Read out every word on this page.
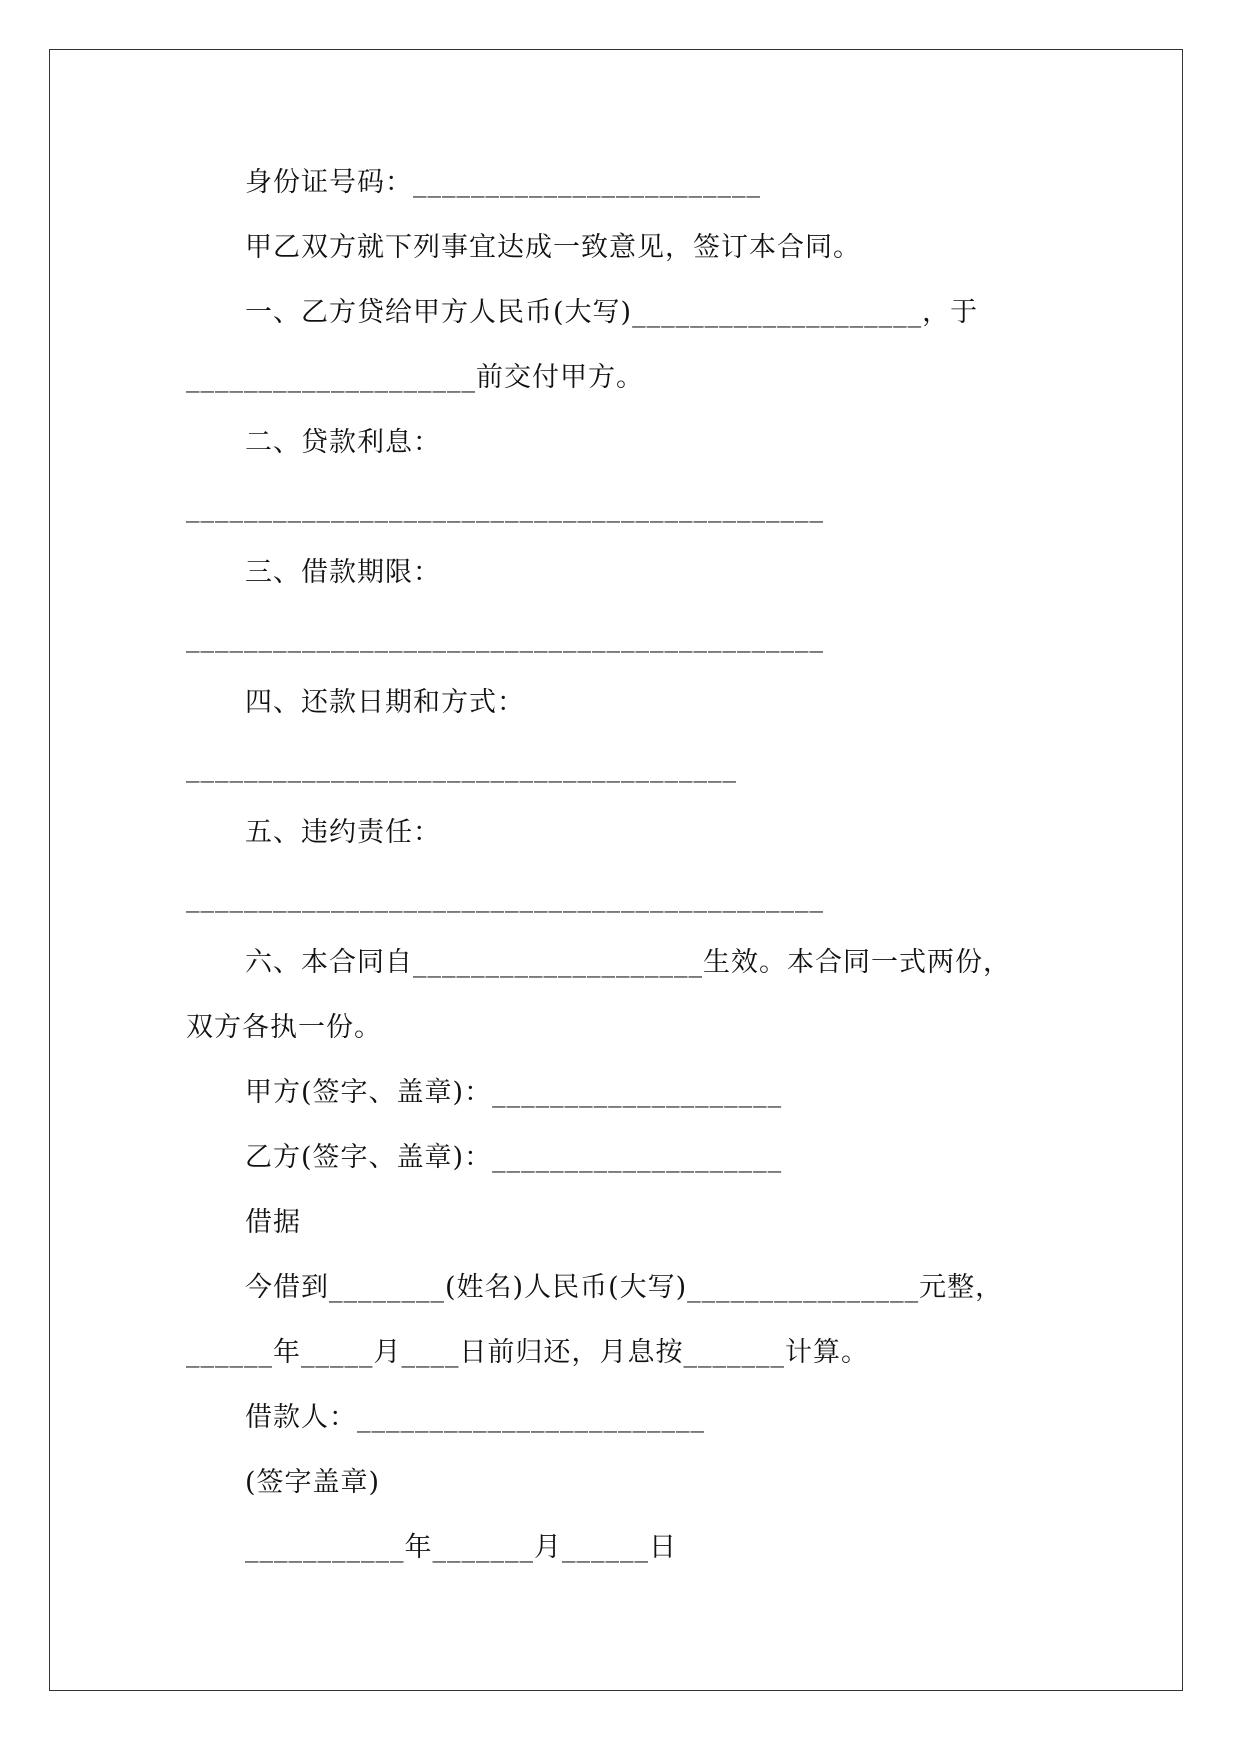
身份证号码：________________________

甲乙双方就下列事宜达成一致意见，签订本合同。

一、乙方贷给甲方人民币(大写)____________________，于

____________________前交付甲方。

二、贷款利息：

____________________________________________

三、借款期限：

____________________________________________

四、还款日期和方式：

______________________________________

五、违约责任：

____________________________________________

六、本合同自____________________生效。本合同一式两份，

双方各执一份。

甲方(签字、盖章)：____________________

乙方(签字、盖章)：____________________

借据

今借到________(姓名)人民币(大写)________________元整，

______年_____月____日前归还，月息按_______计算。

借款人：________________________

(签字盖章)

___________年_______月______日
